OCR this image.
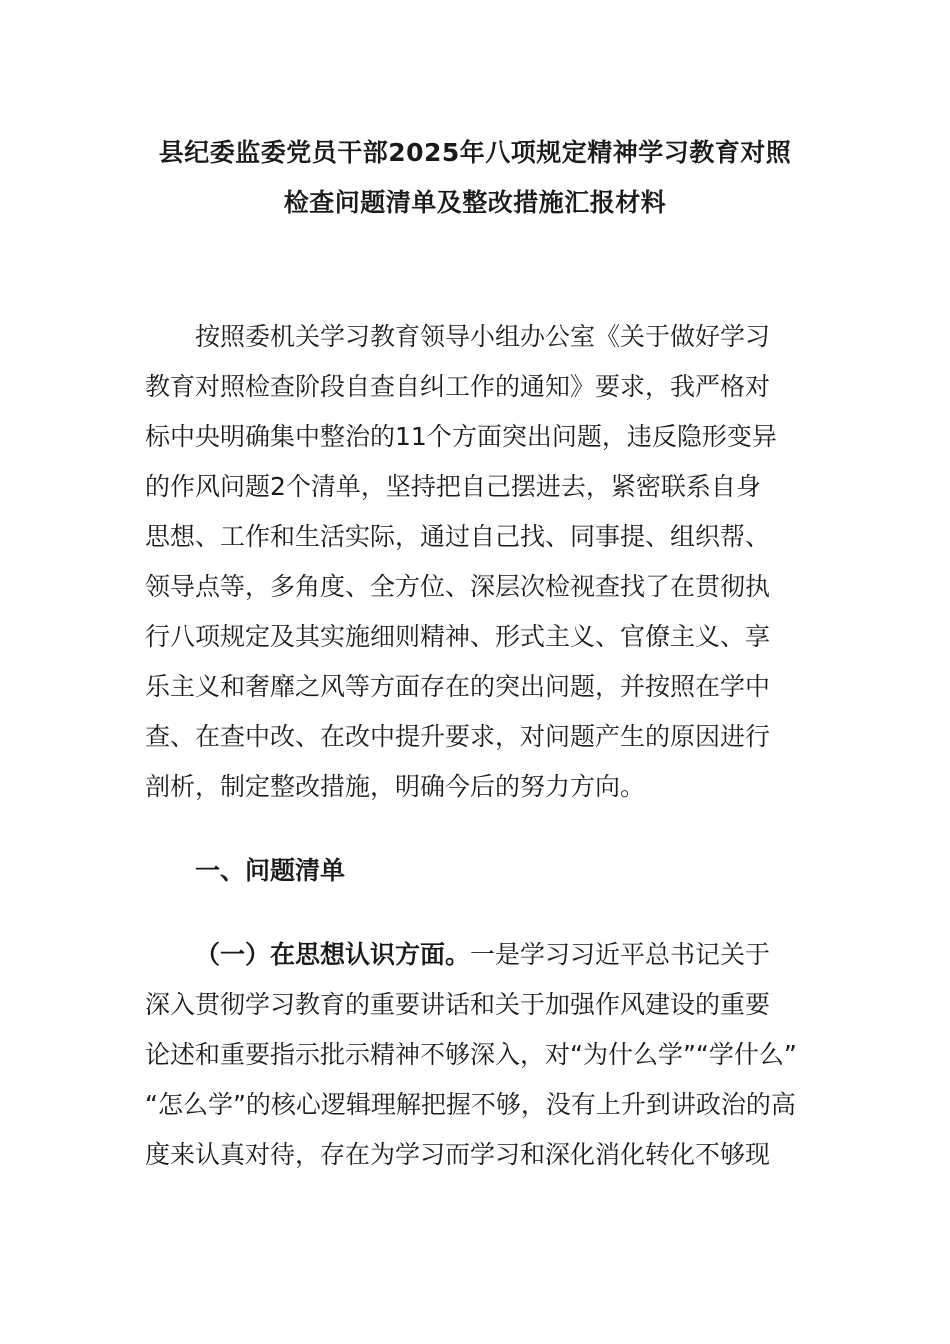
县纪委监委党员干部2025年八项规定精神学习教育对照
检查问题清单及整改措施汇报材料
按照委机关学习教育领导小组办公室《关于做好学习
教育对照检查阶段自查自纠工作的通知》要求，我严格对
标中央明确集中整治的11个方面突出问题，违反隐形变异
的作风问题2个清单，坚持把自己摆进去，紧密联系自身
思想、工作和生活实际，通过自己找、同事提、组织帮、
领导点等，多角度、全方位、深层次检视查找了在贯彻执
行八项规定及其实施细则精神、形式主义、官僚主义、享
乐主义和奢靡之风等方面存在的突出问题，并按照在学中
查、在查中改、在改中提升要求，对问题产生的原因进行
剖析，制定整改措施，明确今后的努力方向。
一、问题清单
（一）在思想认识方面。一是学习习近平总书记关于
深入贯彻学习教育的重要讲话和关于加强作风建设的重要
论述和重要指示批示精神不够深入，对“为什么学”“学什么”
“怎么学”的核心逻辑理解把握不够，没有上升到讲政治的高
度来认真对待，存在为学习而学习和深化消化转化不够现
